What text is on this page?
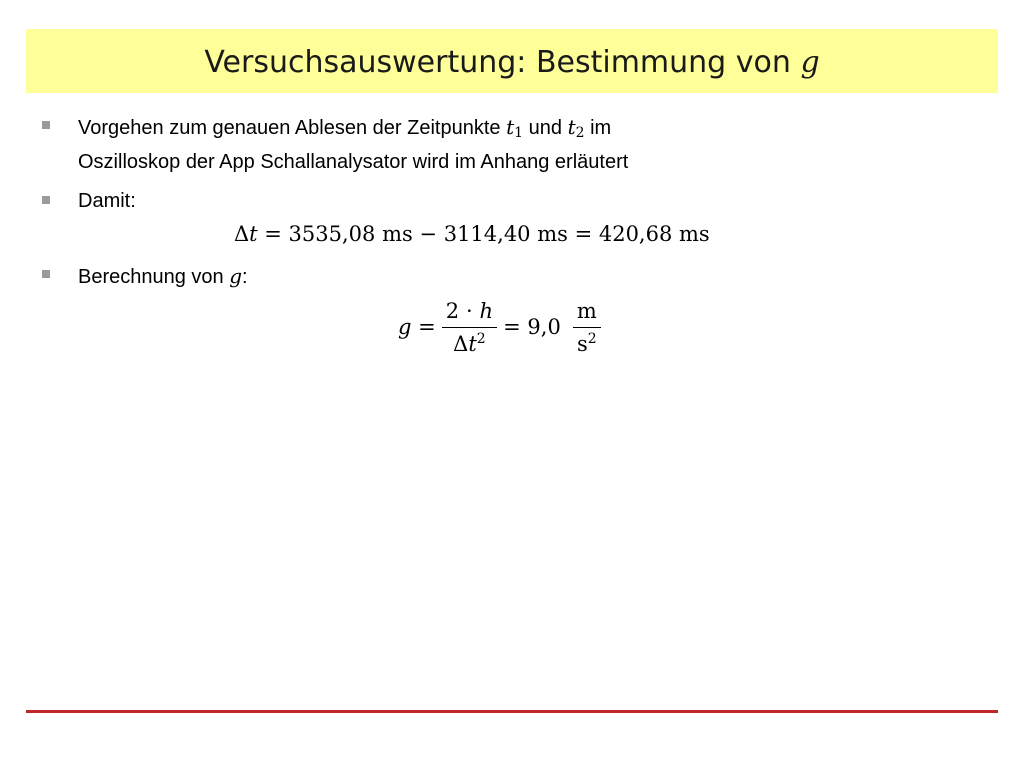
Versuchsauswertung: Bestimmung von g
Vorgehen zum genauen Ablesen der Zeitpunkte t1 und t2 im
Oszilloskop der App Schallanalysator wird im Anhang erläutert
Damit:
Δ𝑡 = 3535,08 ms − 3114,40 ms = 420,68 ms
Berechnung von g:
𝑔 = $\frac{\text{2 ⋅ ℎ}}{\Delta 𝑡^2} = 9,0 \frac{m}{s^2}$
